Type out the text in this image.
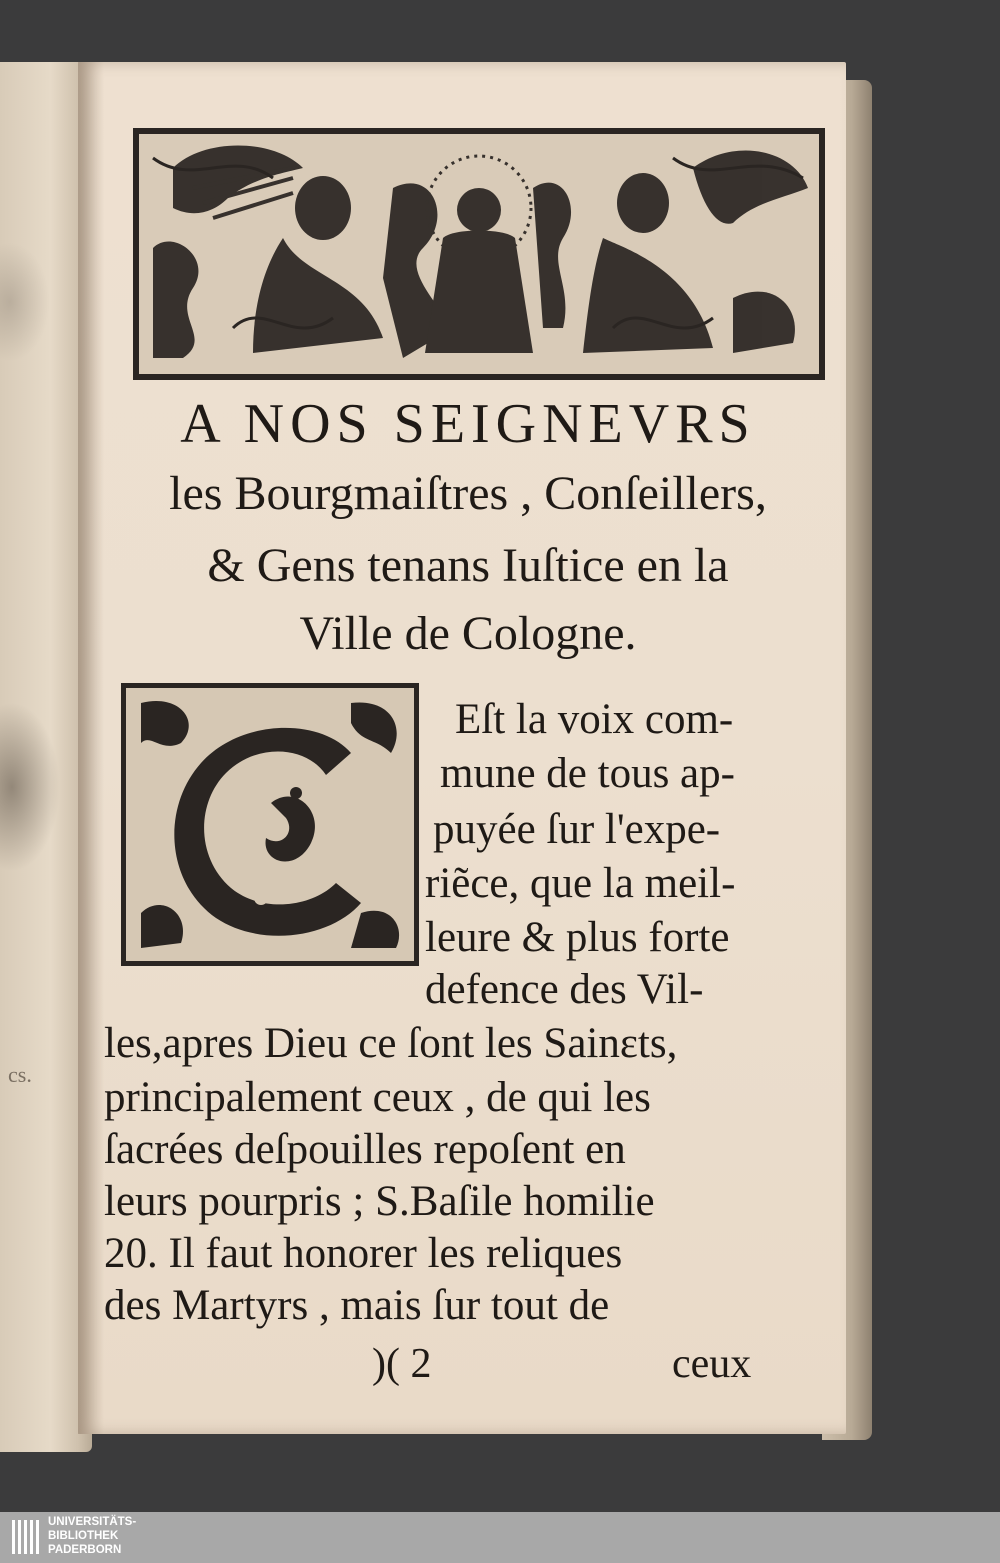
cs.
A NOS SEIGNEVRS
les Bourgmaiſtres , Conſeillers,
& Gens tenans Iuſtice en la
Ville de Cologne.
Eſt la voix com-
mune de tous ap-
puyée ſur l'expe-
riẽce, que la meil-
leure & plus forte
defence des Vil-
les,apres Dieu ce ſont les Sainɛts,
principalement ceux , de qui les
ſacrées deſpouilles repoſent en
leurs pourpris ; S.Baſile homilie
20. Il faut honorer les reliques
des Martyrs , mais ſur tout de
)( 2	ceux
UNIVERSITÄTS-
BIBLIOTHEK
PADERBORN
